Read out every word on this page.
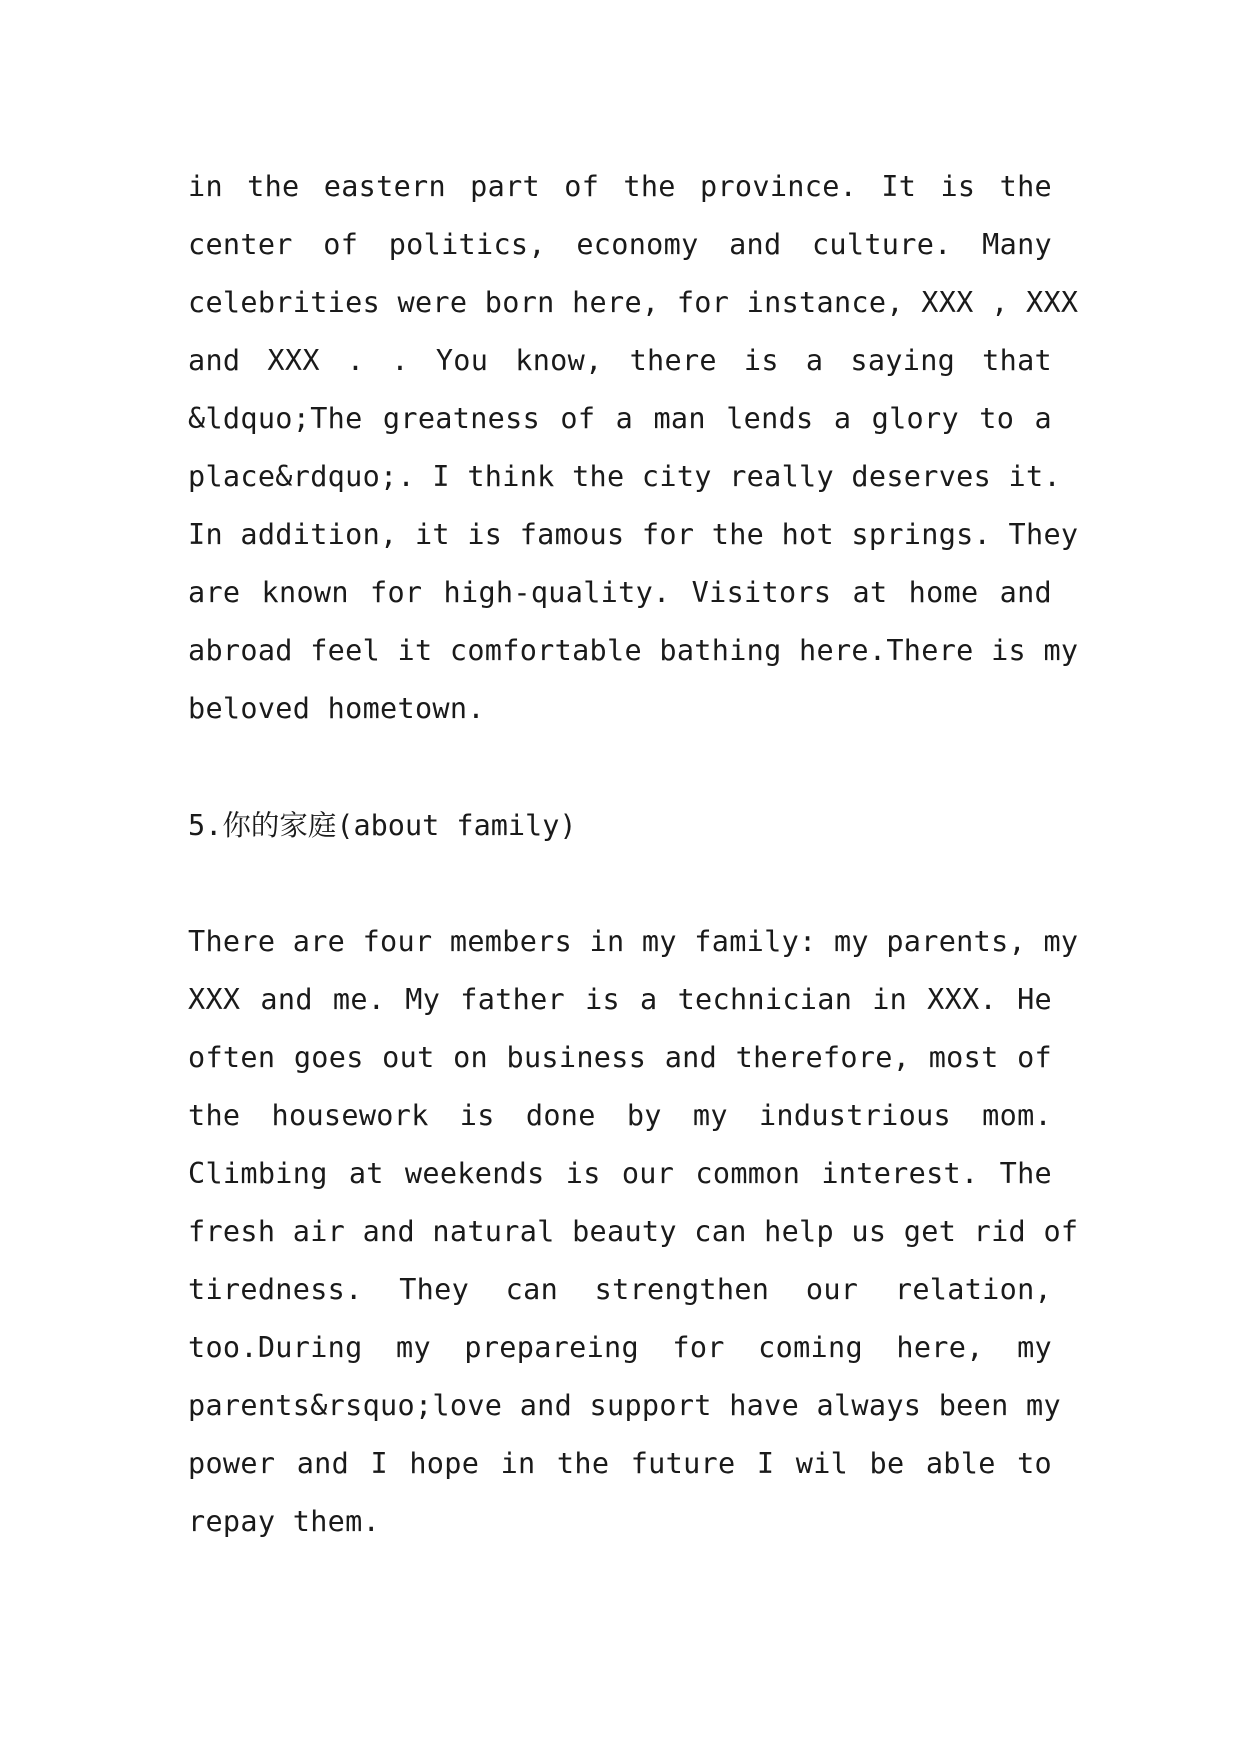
in the eastern part of the province. It is the
center of politics, economy and culture. Many
celebrities were born here, for instance, XXX , XXX
and XXX . . You know, there is a saying that
&ldquo;The greatness of a man lends a glory to a
place&rdquo;. I think the city really deserves it.
In addition, it is famous for the hot springs. They
are known for high-quality. Visitors at home and
abroad feel it comfortable bathing here.There is my
beloved hometown.
5.你的家庭(about family)
There are four members in my family: my parents, my
XXX and me. My father is a technician in XXX. He
often goes out on business and therefore, most of
the housework is done by my industrious mom.
Climbing at weekends is our common interest. The
fresh air and natural beauty can help us get rid of
tiredness. They can strengthen our relation,
too.During my prepareing for coming here, my
parents&rsquo;love and support have always been my
power and I hope in the future I wil be able to
repay them.
